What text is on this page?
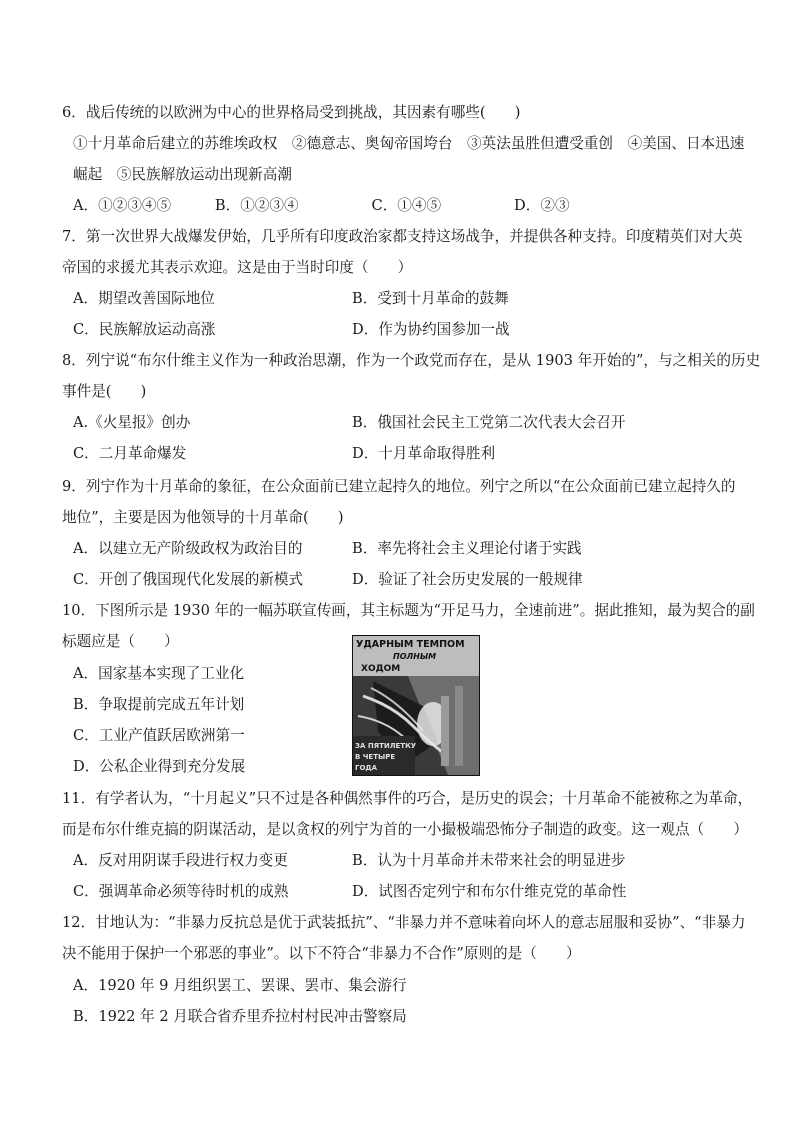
6．战后传统的以欧洲为中心的世界格局受到挑战，其因素有哪些(　　)
①十月革命后建立的苏维埃政权　②德意志、奥匈帝国垮台　③英法虽胜但遭受重创　④美国、日本迅速
崛起　⑤民族解放运动出现新高潮
A．①②③④⑤　　　B．①②③④　　　　　C．①④⑤　　　　　D．②③
7．第一次世界大战爆发伊始，几乎所有印度政治家都支持这场战争，并提供各种支持。印度精英们对大英
帝国的求援尤其表示欢迎。这是由于当时印度（　　）
A．期望改善国际地位	B．受到十月革命的鼓舞
C．民族解放运动高涨	D．作为协约国参加一战
8．列宁说“布尔什维主义作为一种政治思潮，作为一个政党而存在，是从 1903 年开始的”，与之相关的历史
事件是(　　)
A.《火星报》创办	B．俄国社会民主工党第二次代表大会召开
C．二月革命爆发	D．十月革命取得胜利
9．列宁作为十月革命的象征，在公众面前已建立起持久的地位。列宁之所以“在公众面前已建立起持久的
地位”，主要是因为他领导的十月革命(　　)
A．以建立无产阶级政权为政治目的	B．率先将社会主义理论付诸于实践
C．开创了俄国现代化发展的新模式	D．验证了社会历史发展的一般规律
10．下图所示是 1930 年的一幅苏联宣传画，其主标题为“开足马力，全速前进”。据此推知，最为契合的副
标题应是（　　）
A．国家基本实现了工业化
B．争取提前完成五年计划
C．工业产值跃居欧洲第一
D．公私企业得到充分发展
УДАРНЫМ ТЕМПОМ
ПОЛНЫМ
ХОДОМ
ЗА ПЯТИЛЕТКУ
В ЧЕТЫРЕ
ГОДА
11．有学者认为，“十月起义”只不过是各种偶然事件的巧合，是历史的误会；十月革命不能被称之为革命，
而是布尔什维克搞的阴谋活动，是以贪权的列宁为首的一小撮极端恐怖分子制造的政变。这一观点（　　）
A．反对用阴谋手段进行权力变更	B．认为十月革命并未带来社会的明显进步
C．强调革命必须等待时机的成熟	D．试图否定列宁和布尔什维克党的革命性
12．甘地认为：“非暴力反抗总是优于武装抵抗”、“非暴力并不意味着向坏人的意志屈服和妥协”、“非暴力
决不能用于保护一个邪恶的事业”。以下不符合“非暴力不合作”原则的是（　　）
A．1920 年 9 月组织罢工、罢课、罢市、集会游行
B．1922 年 2 月联合省乔里乔拉村村民冲击警察局
